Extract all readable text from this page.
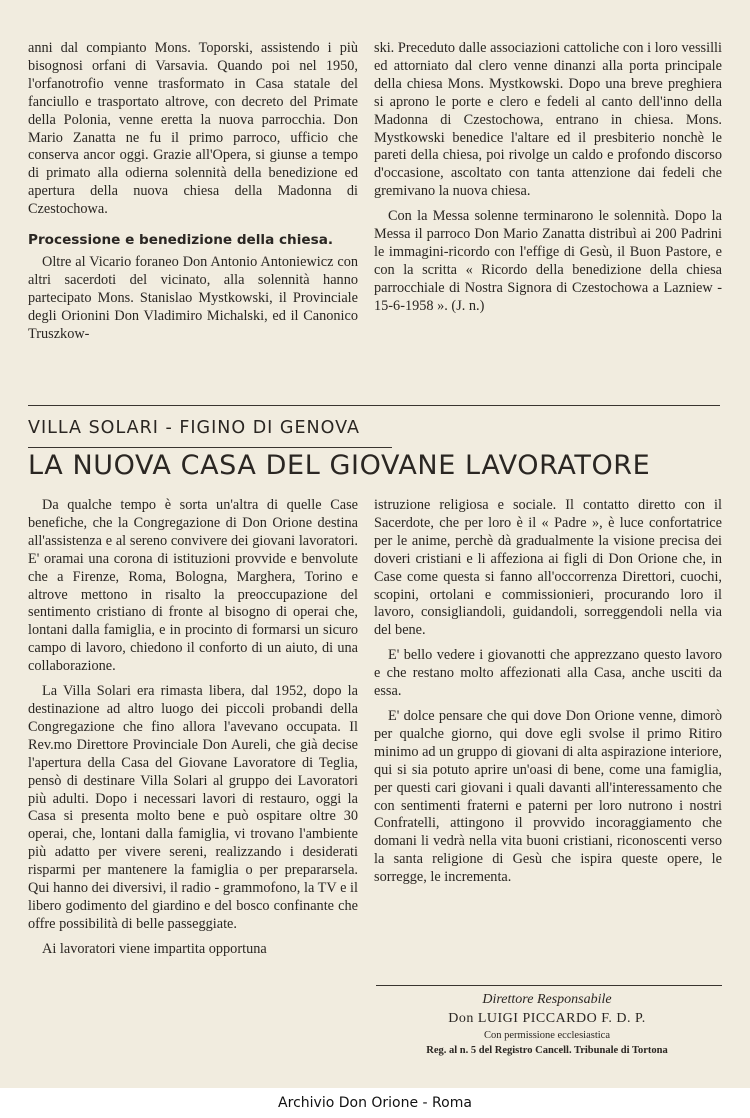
anni dal compianto Mons. Toporski, assistendo i più bisognosi orfani di Varsavia. Quando poi nel 1950, l'orfanotrofio venne trasformato in Casa statale del fanciullo e trasportato altrove, con decreto del Primate della Polonia, venne eretta la nuova parrocchia. Don Mario Zanatta ne fu il primo parroco, ufficio che conserva ancor oggi. Grazie all'Opera, si giunse a tempo di primato alla odierna solennità della benedizione ed apertura della nuova chiesa della Madonna di Czestochowa.

Processione e benedizione della chiesa.

Oltre al Vicario foraneo Don Antonio Antoniewicz con altri sacerdoti del vicinato, alla solennità hanno partecipato Mons. Stanislao Mystkowski, il Provinciale degli Orionini Don Vladimiro Michalski, ed il Canonico Truszkow-

ski. Preceduto dalle associazioni cattoliche con i loro vessilli ed attorniato dal clero venne dinanzi alla porta principale della chiesa Mons. Mystkowski. Dopo una breve preghiera si aprono le porte e clero e fedeli al canto dell'inno della Madonna di Czestochowa, entrano in chiesa. Mons. Mystkowski benedice l'altare ed il presbiterio nonchè le pareti della chiesa, poi rivolge un caldo e profondo discorso d'occasione, ascoltato con tanta attenzione dai fedeli che gremivano la nuova chiesa.

Con la Messa solenne terminarono le solennità. Dopo la Messa il parroco Don Mario Zanatta distribuì ai 200 Padrini le immagini-ricordo con l'effige di Gesù, il Buon Pastore, e con la scritta « Ricordo della benedizione della chiesa parrocchiale di Nostra Signora di Czestochowa a Lazniew - 15-6-1958 ». (J. n.)

VILLA SOLARI - FIGINO DI GENOVA
LA NUOVA CASA DEL GIOVANE LAVORATORE

Da qualche tempo è sorta un'altra di quelle Case benefiche, che la Congregazione di Don Orione destina all'assistenza e al sereno convivere dei giovani lavoratori. E' oramai una corona di istituzioni provvide e benvolute che a Firenze, Roma, Bologna, Marghera, Torino e altrove mettono in risalto la preoccupazione del sentimento cristiano di fronte al bisogno di operai che, lontani dalla famiglia, e in procinto di formarsi un sicuro campo di lavoro, chiedono il conforto di un aiuto, di una collaborazione.

La Villa Solari era rimasta libera, dal 1952, dopo la destinazione ad altro luogo dei piccoli probandi della Congregazione che fino allora l'avevano occupata. Il Rev.mo Direttore Provinciale Don Aureli, che già decise l'apertura della Casa del Giovane Lavoratore di Teglia, pensò di destinare Villa Solari al gruppo dei Lavoratori più adulti. Dopo i necessari lavori di restauro, oggi la Casa si presenta molto bene e può ospitare oltre 30 operai, che, lontani dalla famiglia, vi trovano l'ambiente più adatto per vivere sereni, realizzando i desiderati risparmi per mantenere la famiglia o per prepararsela. Qui hanno dei diversivi, il radio - grammofono, la TV e il libero godimento del giardino e del bosco confinante che offre possibilità di belle passeggiate.

Ai lavoratori viene impartita opportuna

istruzione religiosa e sociale. Il contatto diretto con il Sacerdote, che per loro è il « Padre », è luce confortatrice per le anime, perchè dà gradualmente la visione precisa dei doveri cristiani e li affeziona ai figli di Don Orione che, in Case come questa si fanno all'occorrenza Direttori, cuochi, scopini, ortolani e commissionieri, procurando loro il lavoro, consigliandoli, guidandoli, sorreggendoli nella via del bene.

E' bello vedere i giovanotti che apprezzano questo lavoro e che restano molto affezionati alla Casa, anche usciti da essa.

E' dolce pensare che qui dove Don Orione venne, dimorò per qualche giorno, qui dove egli svolse il primo Ritiro minimo ad un gruppo di giovani di alta aspirazione interiore, qui si sia potuto aprire un'oasi di bene, come una famiglia, per questi cari giovani i quali davanti all'interessamento che con sentimenti fraterni e paterni per loro nutrono i nostri Confratelli, attingono il provvido incoraggiamento che domani li vedrà nella vita buoni cristiani, riconoscenti verso la santa religione di Gesù che ispira queste opere, le sorregge, le incrementa.

Direttore Responsabile
Don LUIGI PICCARDO F. D. P.
Con permissione ecclesiastica
Reg. al n. 5 del Registro Cancell. Tribunale di Tortona
Archivio Don Orione - Roma
